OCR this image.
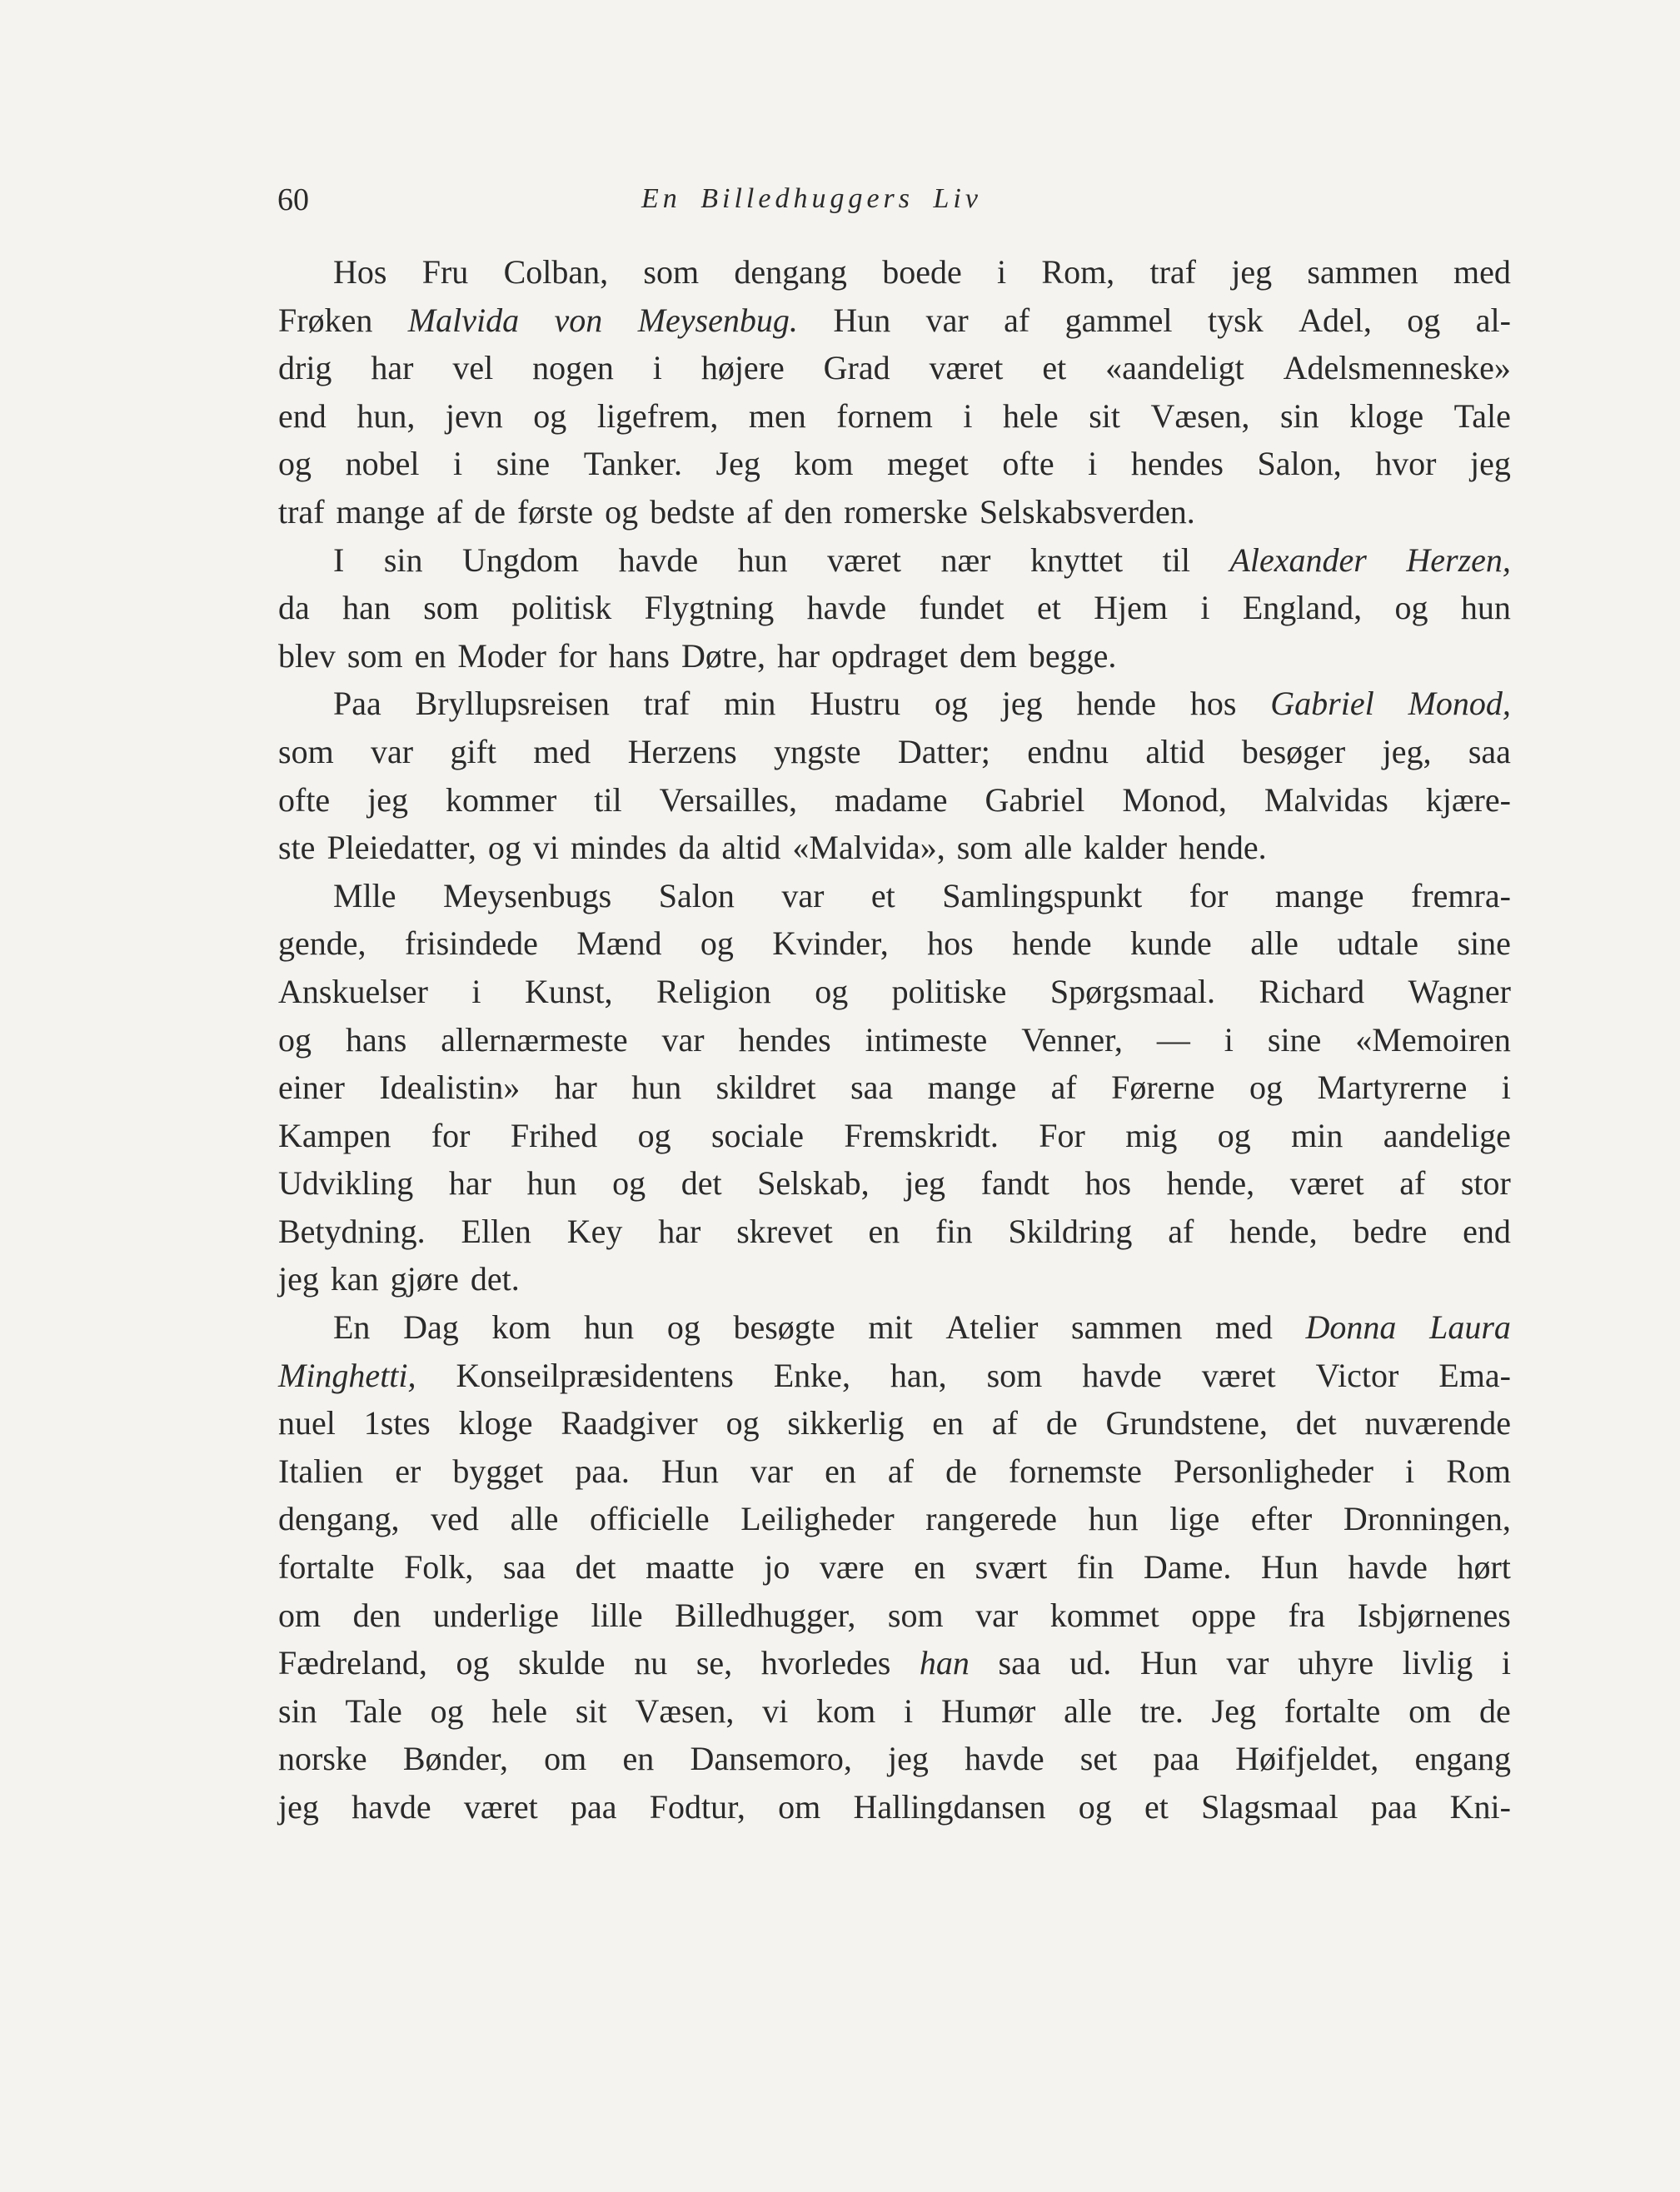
60	En Billedhuggers Liv
Hos Fru Colban, som dengang boede i Rom, traf jeg sammen med
Frøken Malvida von Meysenbug. Hun var af gammel tysk Adel, og al-
drig har vel nogen i højere Grad været et «aandeligt Adelsmenneske»
end hun, jevn og ligefrem, men fornem i hele sit Væsen, sin kloge Tale
og nobel i sine Tanker. Jeg kom meget ofte i hendes Salon, hvor jeg
traf mange af de første og bedste af den romerske Selskabsverden.
I sin Ungdom havde hun været nær knyttet til Alexander Herzen,
da han som politisk Flygtning havde fundet et Hjem i England, og hun
blev som en Moder for hans Døtre, har opdraget dem begge.
Paa Bryllupsreisen traf min Hustru og jeg hende hos Gabriel Monod,
som var gift med Herzens yngste Datter; endnu altid besøger jeg, saa
ofte jeg kommer til Versailles, madame Gabriel Monod, Malvidas kjære-
ste Pleiedatter, og vi mindes da altid «Malvida», som alle kalder hende.
Mlle Meysenbugs Salon var et Samlingspunkt for mange fremra-
gende, frisindede Mænd og Kvinder, hos hende kunde alle udtale sine
Anskuelser i Kunst, Religion og politiske Spørgsmaal. Richard Wagner
og hans allernærmeste var hendes intimeste Venner, — i sine «Memoiren
einer Idealistin» har hun skildret saa mange af Førerne og Martyrerne i
Kampen for Frihed og sociale Fremskridt. For mig og min aandelige
Udvikling har hun og det Selskab, jeg fandt hos hende, været af stor
Betydning. Ellen Key har skrevet en fin Skildring af hende, bedre end
jeg kan gjøre det.
En Dag kom hun og besøgte mit Atelier sammen med Donna Laura
Minghetti, Konseilpræsidentens Enke, han, som havde været Victor Ema-
nuel 1stes kloge Raadgiver og sikkerlig en af de Grundstene, det nuværende
Italien er bygget paa. Hun var en af de fornemste Personligheder i Rom
dengang, ved alle officielle Leiligheder rangerede hun lige efter Dronningen,
fortalte Folk, saa det maatte jo være en svært fin Dame. Hun havde hørt
om den underlige lille Billedhugger, som var kommet oppe fra Isbjørnenes
Fædreland, og skulde nu se, hvorledes han saa ud. Hun var uhyre livlig i
sin Tale og hele sit Væsen, vi kom i Humør alle tre. Jeg fortalte om de
norske Bønder, om en Dansemoro, jeg havde set paa Høifjeldet, engang
jeg havde været paa Fodtur, om Hallingdansen og et Slagsmaal paa Kni-
